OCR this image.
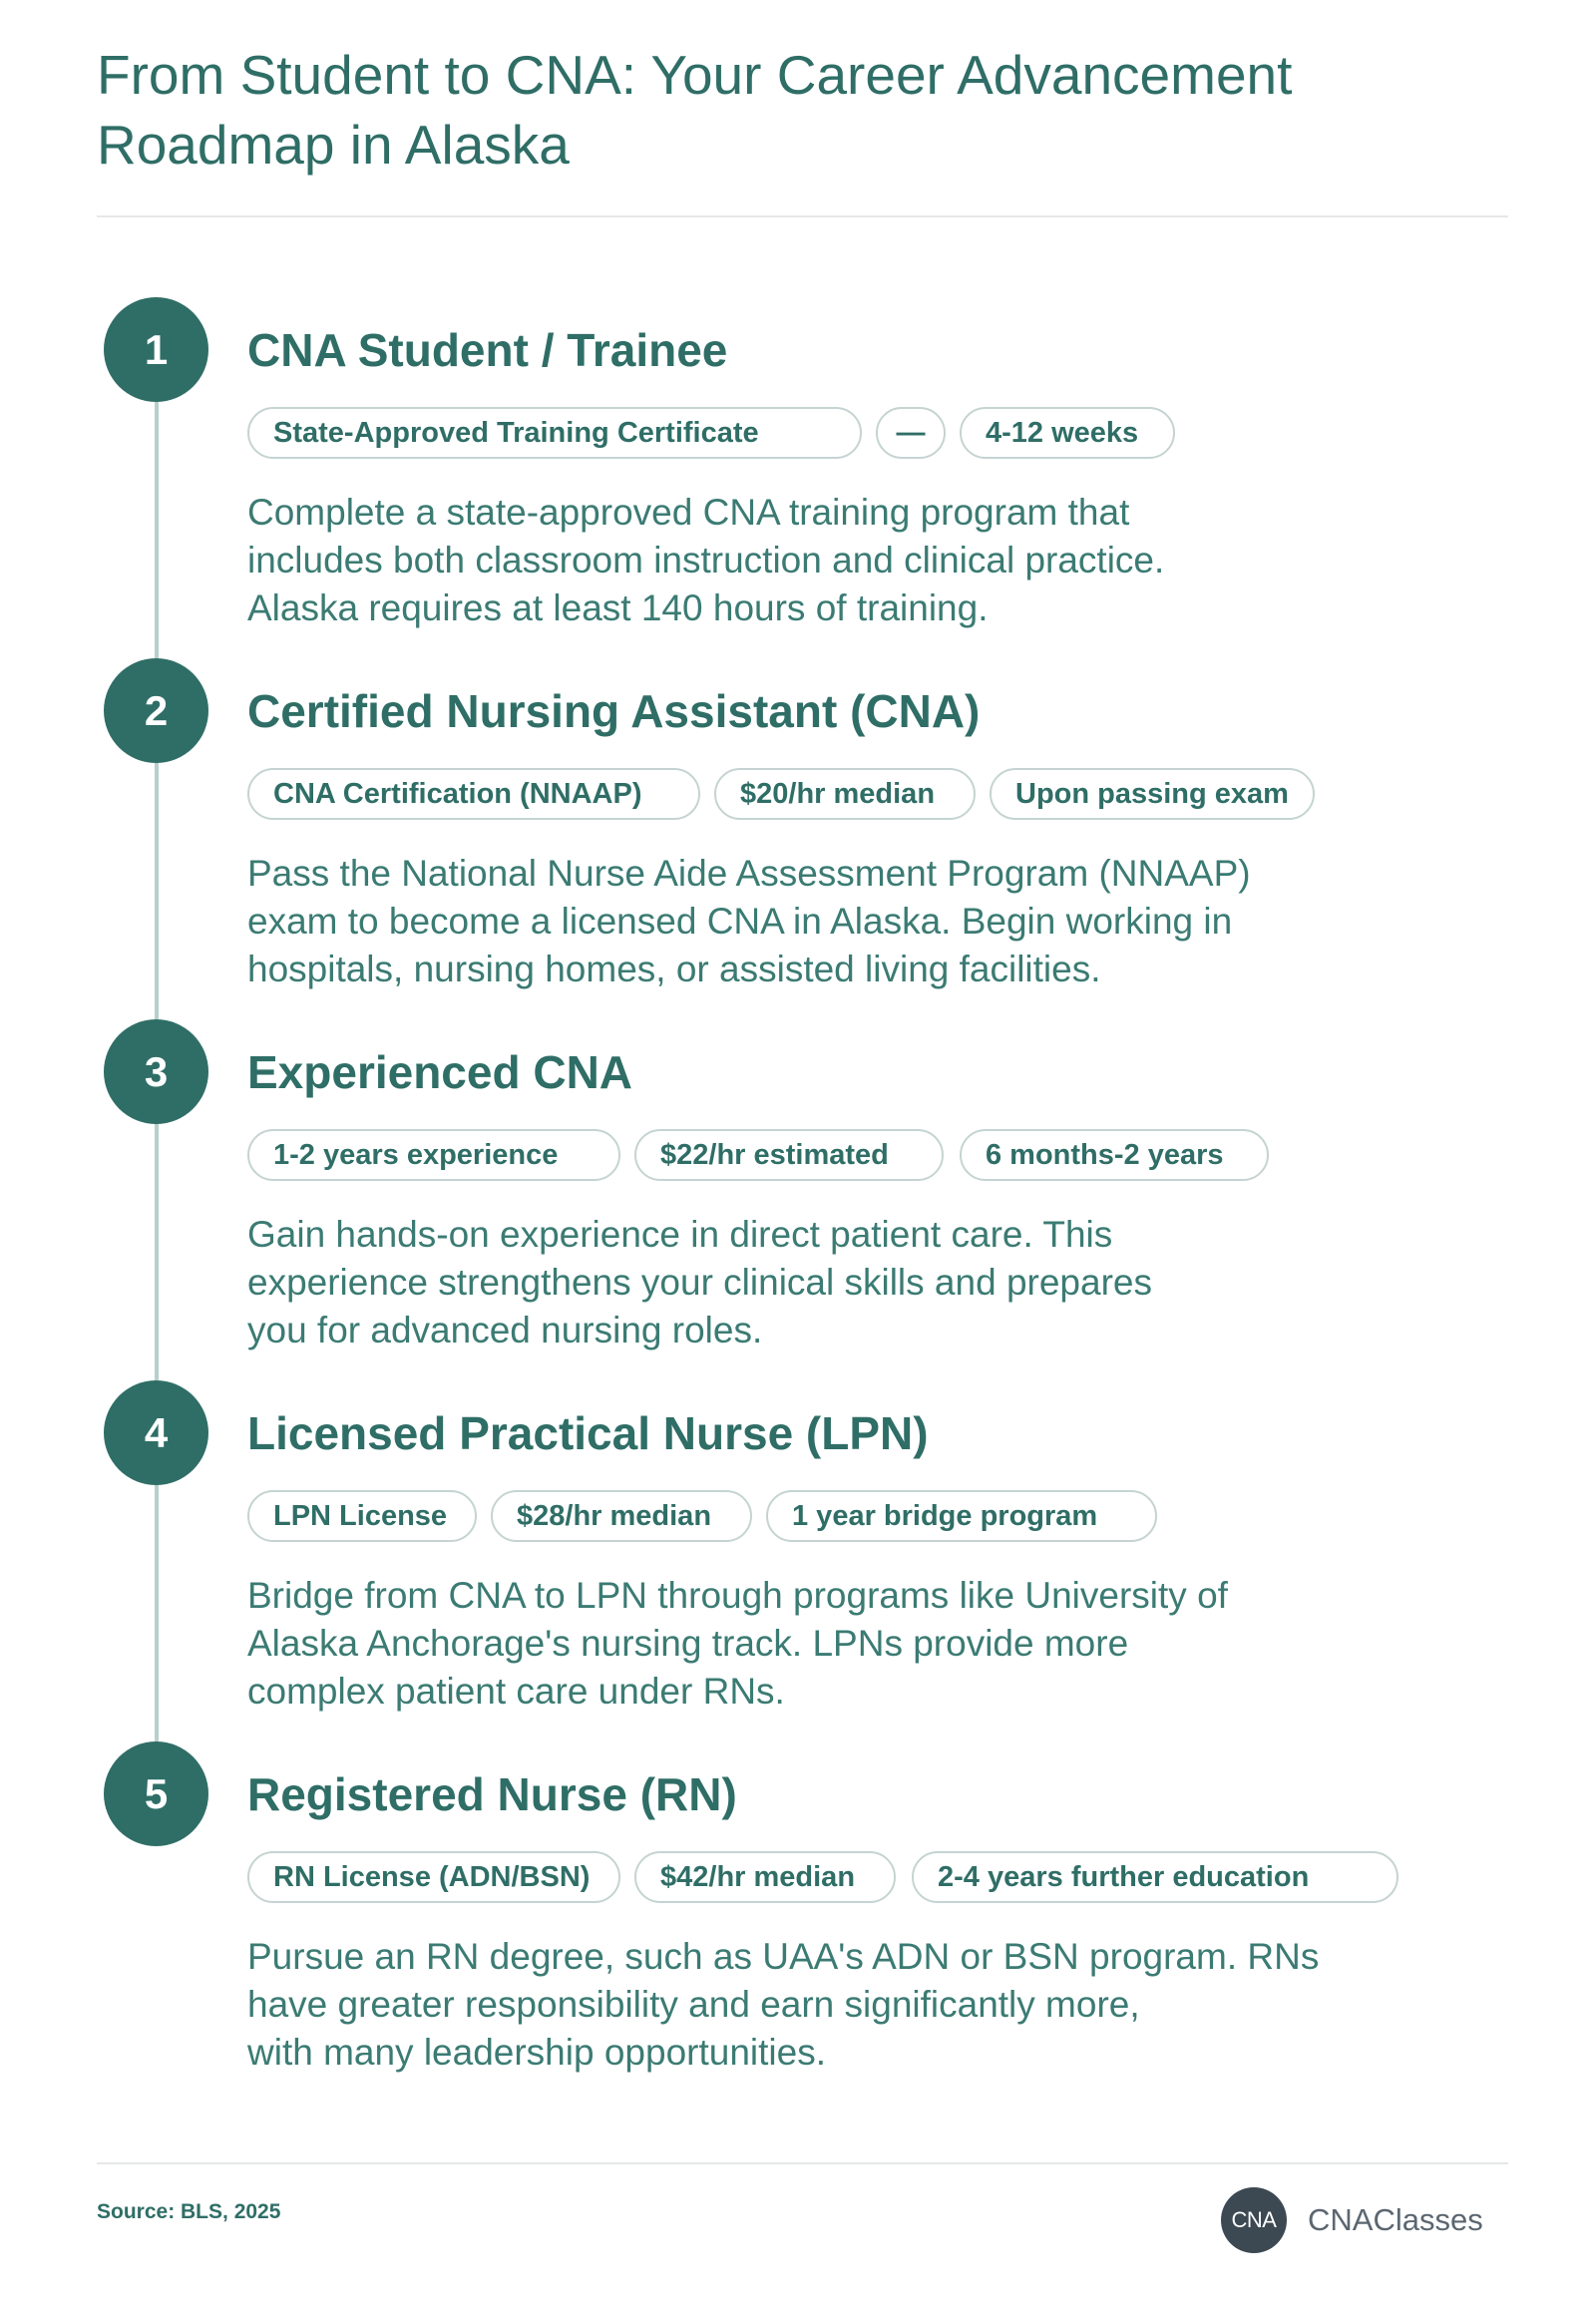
From Student to CNA: Your Career Advancement
Roadmap in Alaska
1	CNA Student / Trainee
State-Approved Training Certificate	—	4-12 weeks

Complete a state-approved CNA training program that
includes both classroom instruction and clinical practice.
Alaska requires at least 140 hours of training.

2	Certified Nursing Assistant (CNA)
CNA Certification (NNAAP)	$20/hr median	Upon passing exam

Pass the National Nurse Aide Assessment Program (NNAAP)
exam to become a licensed CNA in Alaska. Begin working in
hospitals, nursing homes, or assisted living facilities.

3	Experienced CNA
1-2 years experience	$22/hr estimated	6 months-2 years

Gain hands-on experience in direct patient care. This
experience strengthens your clinical skills and prepares
you for advanced nursing roles.

4	Licensed Practical Nurse (LPN)
LPN License	$28/hr median	1 year bridge program

Bridge from CNA to LPN through programs like University of
Alaska Anchorage's nursing track. LPNs provide more
complex patient care under RNs.

5	Registered Nurse (RN)
RN License (ADN/BSN)	$42/hr median	2-4 years further education

Pursue an RN degree, such as UAA's ADN or BSN program. RNs
have greater responsibility and earn significantly more,
with many leadership opportunities.

Source: BLS, 2025	CNA	CNAClasses
